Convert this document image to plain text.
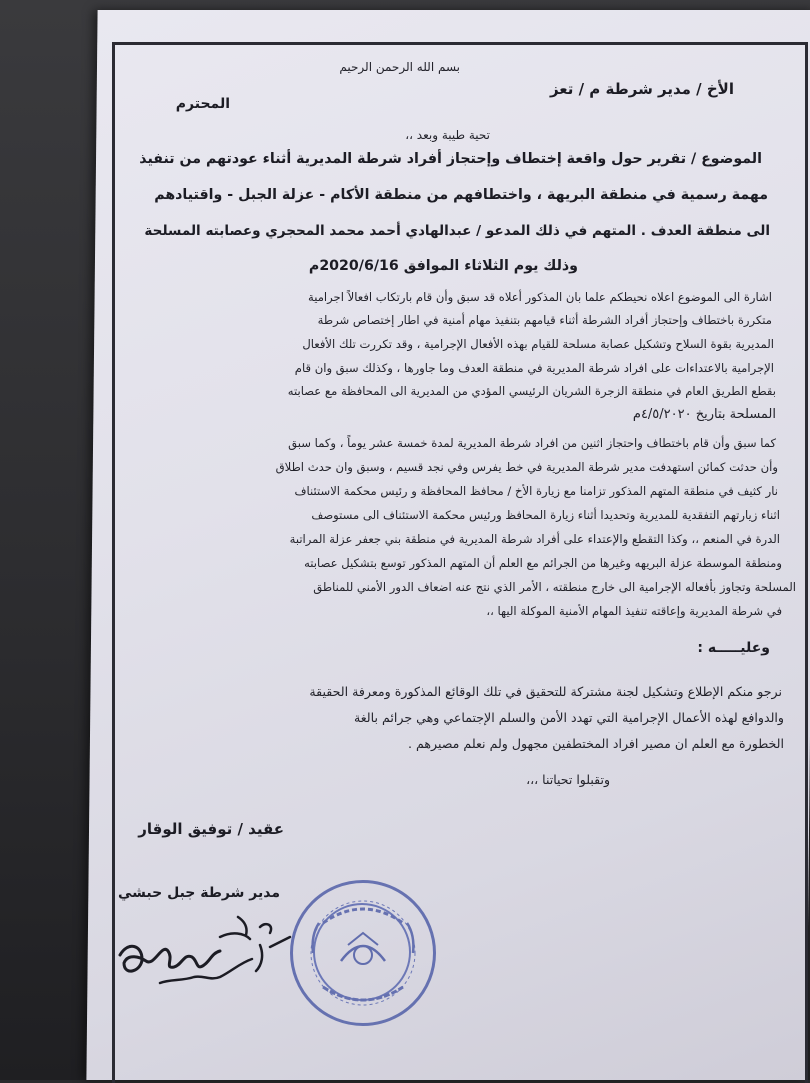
بسم الله الرحمن الرحيم
الأخ / مدير شرطة م / تعز
المحترم
تحية طيبة وبعد ،،
الموضوع / تقرير حول واقعة إختطاف وإحتجاز أفراد شرطة المديرية أثناء عودتهم من تنفيذ
مهمة رسمية في منطقة البريهة ، واختطافهم من منطقة الأكام - عزلة الجبل - واقتيادهم
الى منطقة العدف . المتهم في ذلك المدعو / عبدالهادي أحمد محمد المحجري وعصابته المسلحة
وذلك يوم الثلاثاء الموافق 2020/6/16م
اشارة الى الموضوع اعلاه نحيطكم علما بان المذكور أعلاه قد سبق وأن قام بارتكاب افعالاً اجرامية
متكررة باختطاف وإحتجاز أفراد الشرطة أثناء قيامهم بتنفيذ مهام أمنية في اطار إختصاص شرطة
المديرية بقوة السلاح وتشكيل عصابة مسلحة للقيام بهذه الأفعال الإجرامية ، وقد تكررت تلك الأفعال
الإجرامية بالاعتداءات على افراد شرطة المديرية في منطقة العدف وما جاورها ، وكذلك سبق وان قام
بقطع الطريق العام في منطقة الزجرة الشريان الرئيسي المؤدي من المديرية الى المحافظة مع عصابته
المسلحة بتاريخ ٤/٥/٢٠٢٠م
كما سبق وأن قام باختطاف واحتجاز اثنين من افراد شرطة المديرية لمدة خمسة عشر يوماً ، وكما سبق
وأن حدثت كمائن استهدفت مدير شرطة المديرية في خط يفرس وفي نجد قسيم ، وسبق وان حدث اطلاق
نار كثيف في منطقة المتهم المذكور تزامنا مع زيارة الأخ / محافظ المحافظة و رئيس محكمة الاستئناف
اثناء زيارتهم التفقدية للمديرية وتحديدا أثناء زيارة المحافظ ورئيس محكمة الاستئناف الى مستوصف
الدرة في المنعم ،، وكذا التقطع والإعتداء على أفراد شرطة المديرية في منطقة بني جعفر عزلة المراتبة
ومنطقة الموسطة عزلة البريهه وغيرها من الجرائم مع العلم أن المتهم المذكور توسع بتشكيل عصابته
المسلحة وتجاوز بأفعاله الإجرامية الى خارج منطقته ، الأمر الذي نتج عنه اضعاف الدور الأمني للمناطق
في شرطة المديرية وإعاقته تنفيذ المهام الأمنية الموكلة اليها ،،
وعليـــــه :
نرجو منكم الإطلاع وتشكيل لجنة مشتركة للتحقيق في تلك الوقائع المذكورة ومعرفة الحقيقة
والدوافع لهذه الأعمال الإجرامية التي تهدد الأمن والسلم الإجتماعي وهي جرائم بالغة
الخطورة مع العلم ان مصير افراد المختطفين مجهول ولم نعلم مصيرهم .
وتقبلوا تحياتنا ،،،
عقيد / توفيق الوقار
مدير شرطة جبل حبشي
